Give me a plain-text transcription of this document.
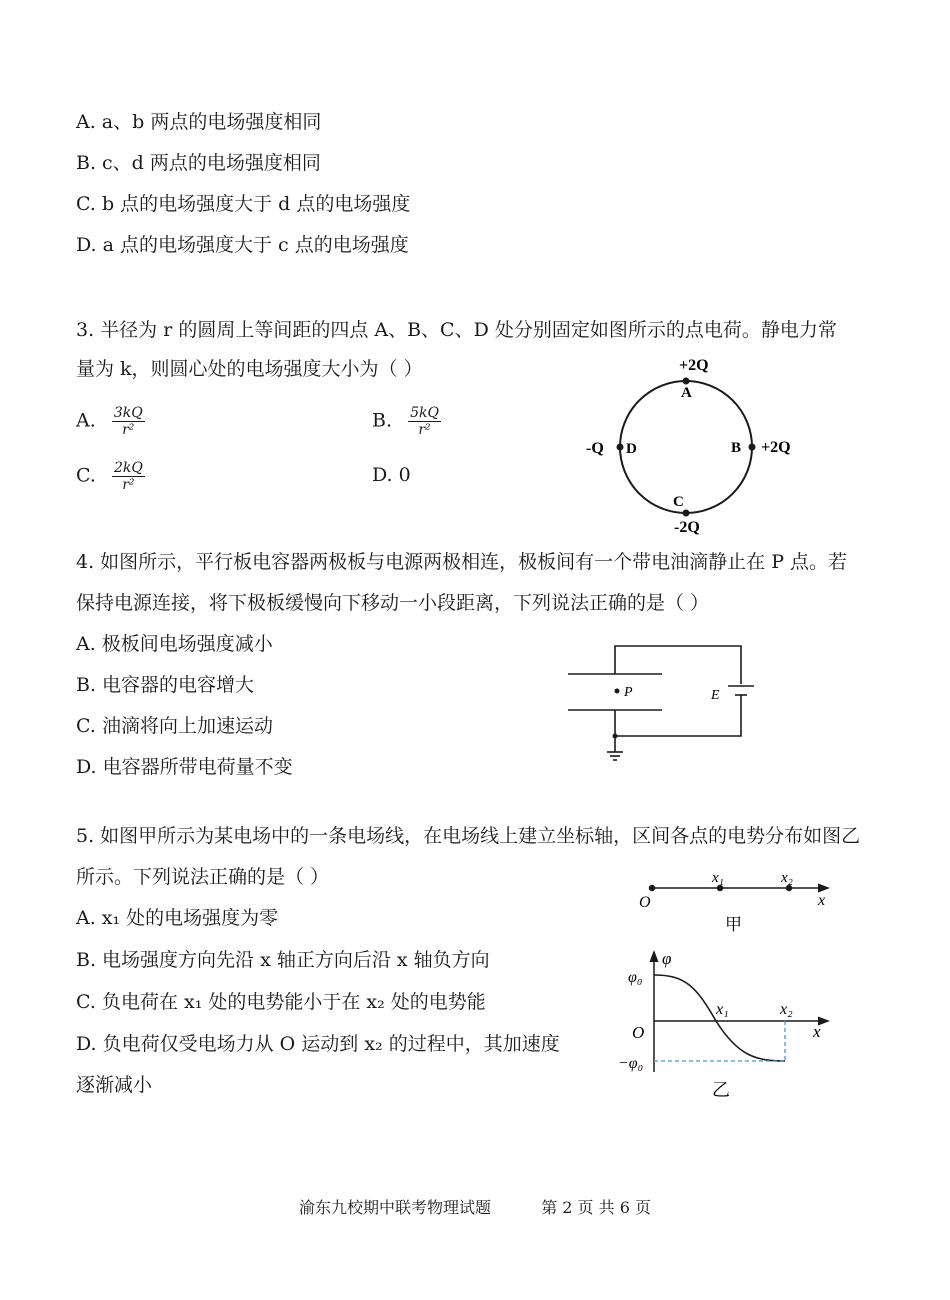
A. a、b 两点的电场强度相同
B. c、d 两点的电场强度相同
C. b 点的电场强度大于 d 点的电场强度
D. a 点的电场强度大于 c 点的电场强度
3. 半径为 r 的圆周上等间距的四点 A、B、C、D 处分别固定如图所示的点电荷。静电力常
量为 k，则圆心处的电场强度大小为（ ）
A. $\frac{3kQ}{\text{r²}}$	B. $\frac{5kQ}{\text{r²}}$
C. $\frac{2kQ}{\text{r²}}$	D. 0
+2Q
A
-Q D	B +2Q
C
-2Q
4. 如图所示，平行板电容器两极板与电源两极相连，极板间有一个带电油滴静止在 P 点。若
保持电源连接，将下极板缓慢向下移动一小段距离，下列说法正确的是（ ）
A. 极板间电场强度减小
B. 电容器的电容增大
C. 油滴将向上加速运动
D. 电容器所带电荷量不变
P	E
5. 如图甲所示为某电场中的一条电场线，在电场线上建立坐标轴，区间各点的电势分布如图乙
所示。下列说法正确的是（ ）
A. x₁ 处的电场强度为零
B. 电场强度方向先沿 x 轴正方向后沿 x 轴负方向
C. 负电荷在 x₁ 处的电势能小于在 x₂ 处的电势能
D. 负电荷仅受电场力从 O 运动到 x₂ 的过程中，其加速度
逐渐减小
O
x₁	x₂
x
甲
φ
φ₀
−φ₀
O
x₁	x₂
x
乙
渝东九校期中联考物理试题	第 2 页 共 6 页
